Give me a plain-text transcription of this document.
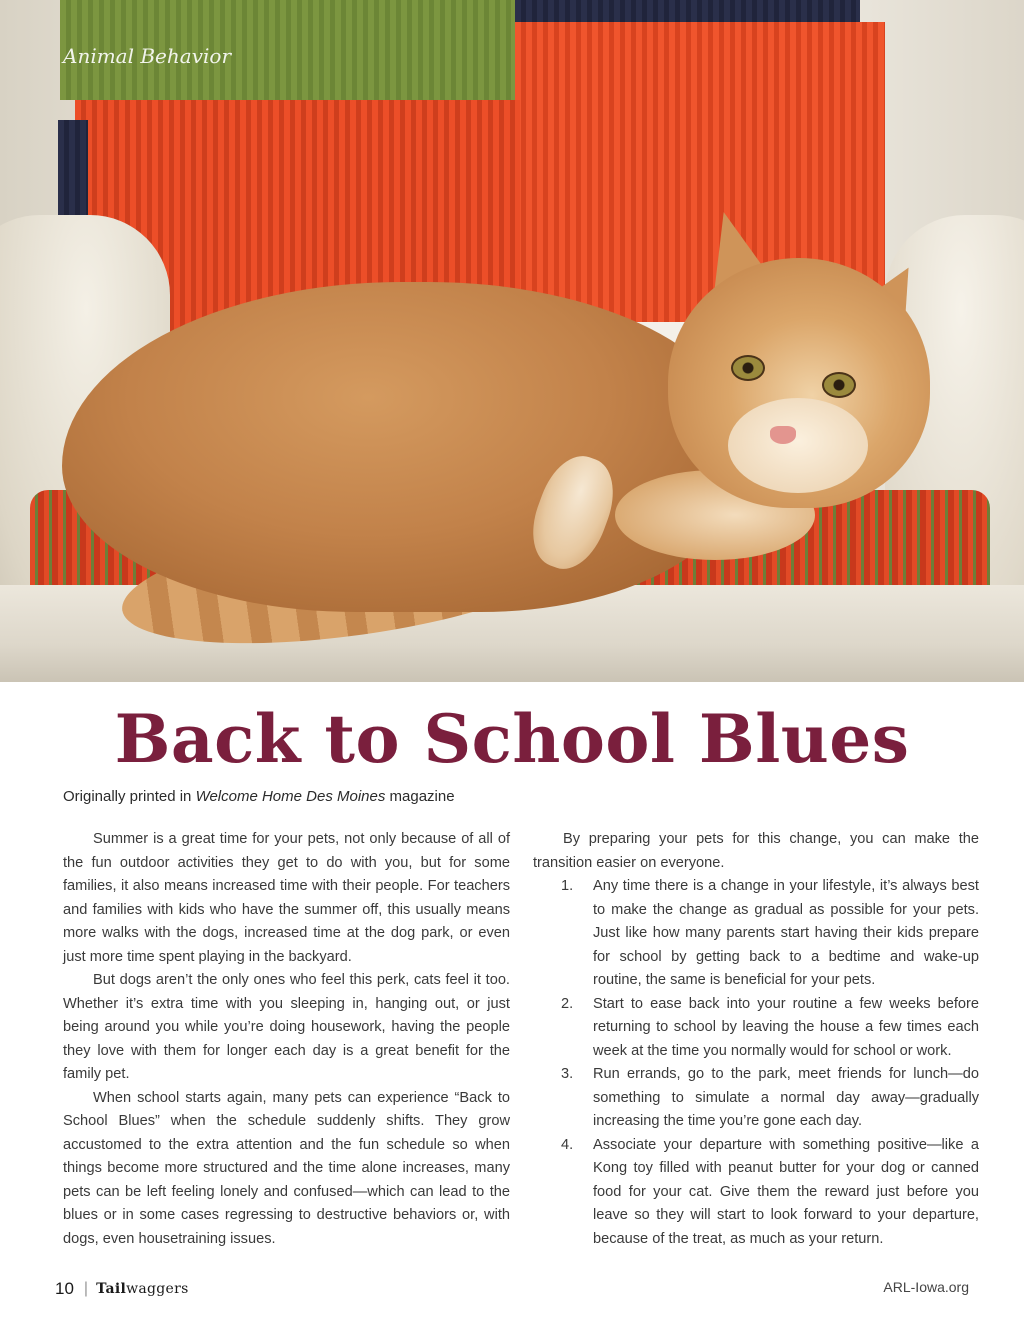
Animal Behavior
Back to School Blues
Originally printed in Welcome Home Des Moines magazine

Summer is a great time for your pets, not only because of all of the fun outdoor activities they get to do with you, but for some families, it also means increased time with their people. For teachers and families with kids who have the summer off, this usually means more walks with the dogs, increased time at the dog park, or even just more time spent playing in the backyard.

But dogs aren’t the only ones who feel this perk, cats feel it too. Whether it’s extra time with you sleeping in, hanging out, or just being around you while you’re doing housework, having the people they love with them for longer each day is a great benefit for the family pet.

When school starts again, many pets can experience “Back to School Blues” when the schedule suddenly shifts. They grow accustomed to the extra attention and the fun schedule so when things become more structured and the time alone increases, many pets can be left feeling lonely and confused—which can lead to the blues or in some cases regressing to destructive behaviors or, with dogs, even housetraining issues.

By preparing your pets for this change, you can make the transition easier on everyone.

1. Any time there is a change in your lifestyle, it’s always best to make the change as gradual as possible for your pets. Just like how many parents start having their kids prepare for school by getting back to a bedtime and wake-up routine, the same is beneficial for your pets.
2. Start to ease back into your routine a few weeks before returning to school by leaving the house a few times each week at the time you normally would for school or work.
3. Run errands, go to the park, meet friends for lunch—do something to simulate a normal day away—gradually increasing the time you’re gone each day.
4. Associate your departure with something positive—like a Kong toy filled with peanut butter for your dog or canned food for your cat. Give them the reward just before you leave so they will start to look forward to your departure, because of the treat, as much as your return.
10 | Tail waggers	ARL-Iowa.org
